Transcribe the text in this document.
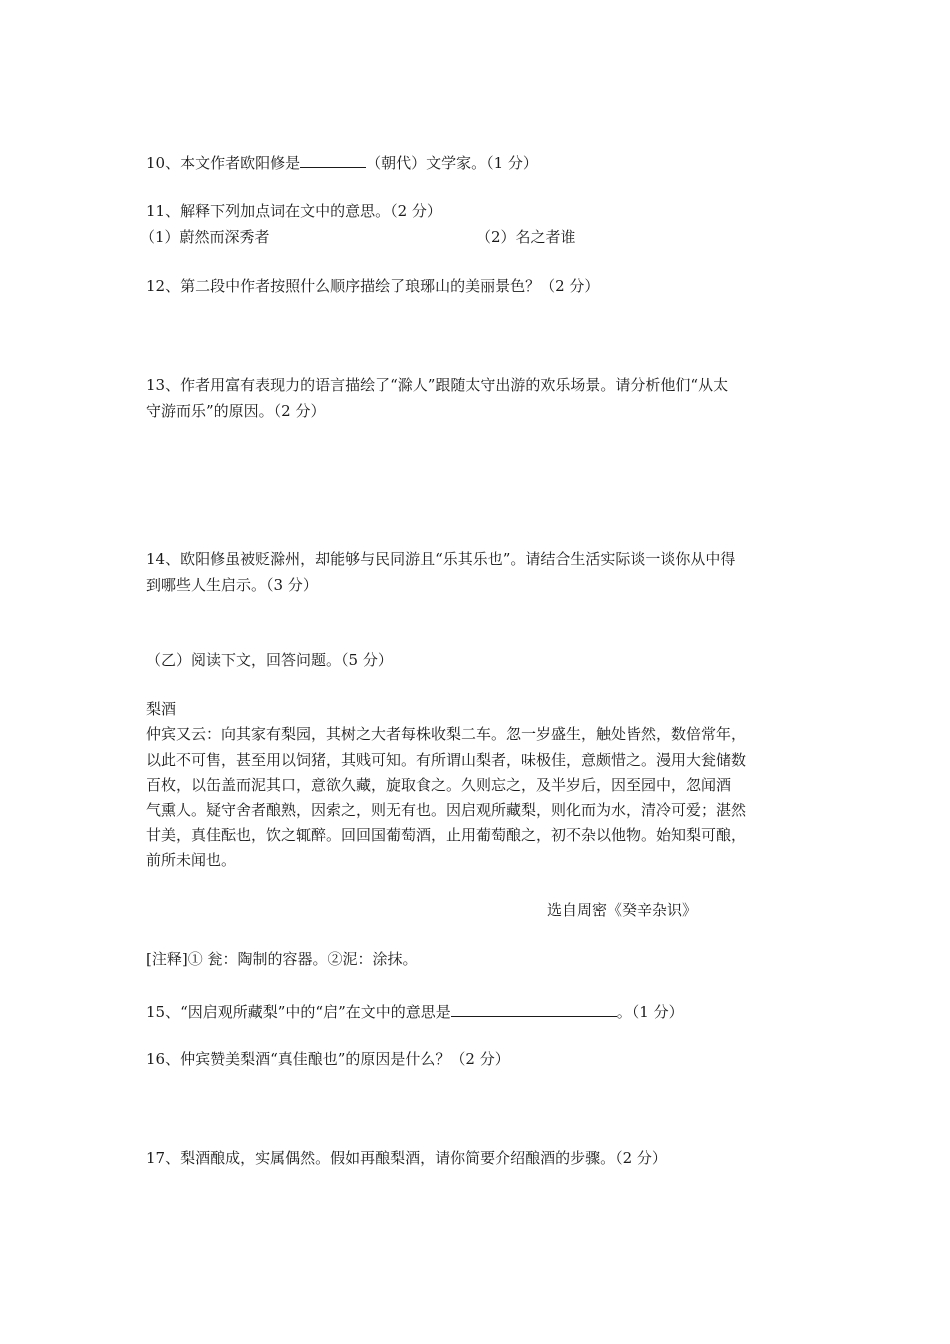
10、本文作者欧阳修是	（朝代）文学家。（1 分）
11、解释下列加点词在文中的意思。（2 分）
（1）蔚然而深秀者	（2）名之者谁
12、第二段中作者按照什么顺序描绘了琅琊山的美丽景色？（2 分）
13、作者用富有表现力的语言描绘了“滁人”跟随太守出游的欢乐场景。请分析他们“从太
守游而乐”的原因。（2 分）
14、欧阳修虽被贬滁州，却能够与民同游且“乐其乐也”。请结合生活实际谈一谈你从中得
到哪些人生启示。（3 分）
（乙）阅读下文，回答问题。（5 分）
梨酒
仲宾又云：向其家有梨园，其树之大者每株收梨二车。忽一岁盛生，触处皆然，数倍常年，
以此不可售，甚至用以饲猪，其贱可知。有所谓山梨者，味极佳，意颇惜之。漫用大瓮储数
百枚，以缶盖而泥其口，意欲久藏，旋取食之。久则忘之，及半岁后，因至园中，忽闻酒
气熏人。疑守舍者酿熟，因索之，则无有也。因启观所藏梨，则化而为水，清冷可爱；湛然
甘美，真佳酝也，饮之辄醉。回回国葡萄酒，止用葡萄酿之，初不杂以他物。始知梨可酿，
前所未闻也。
选自周密《癸辛杂识》
[注释]① 瓮：陶制的容器。②泥：涂抹。
15、“因启观所藏梨”中的“启”在文中的意思是	。（1 分）
16、仲宾赞美梨酒“真佳酿也”的原因是什么？（2 分）
17、梨酒酿成，实属偶然。假如再酿梨酒，请你简要介绍酿酒的步骤。（2 分）
